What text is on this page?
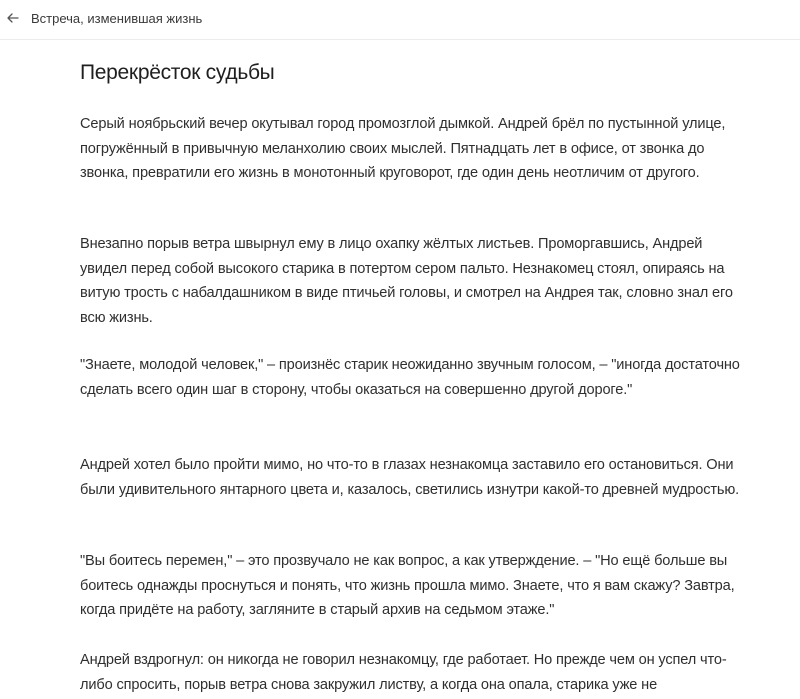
Встреча, изменившая жизнь
Перекрёсток судьбы

Серый ноябрьский вечер окутывал город промозглой дымкой. Андрей брёл по пустынной улице, погружённый в привычную меланхолию своих мыслей. Пятнадцать лет в офисе, от звонка до звонка, превратили его жизнь в монотонный круговорот, где один день неотличим от другого.

Внезапно порыв ветра швырнул ему в лицо охапку жёлтых листьев. Проморгавшись, Андрей увидел перед собой высокого старика в потертом сером пальто. Незнакомец стоял, опираясь на витую трость с набалдашником в виде птичьей головы, и смотрел на Андрея так, словно знал его всю жизнь.

"Знаете, молодой человек," – произнёс старик неожиданно звучным голосом, – "иногда достаточно сделать всего один шаг в сторону, чтобы оказаться на совершенно другой дороге."

Андрей хотел было пройти мимо, но что-то в глазах незнакомца заставило его остановиться. Они были удивительного янтарного цвета и, казалось, светились изнутри какой-то древней мудростью.

"Вы боитесь перемен," – это прозвучало не как вопрос, а как утверждение. – "Но ещё больше вы боитесь однажды проснуться и понять, что жизнь прошла мимо. Знаете, что я вам скажу? Завтра, когда придёте на работу, загляните в старый архив на седьмом этаже."

Андрей вздрогнул: он никогда не говорил незнакомцу, где работает. Но прежде чем он успел что-либо спросить, порыв ветра снова закружил листву, а когда она опала, старика уже не
